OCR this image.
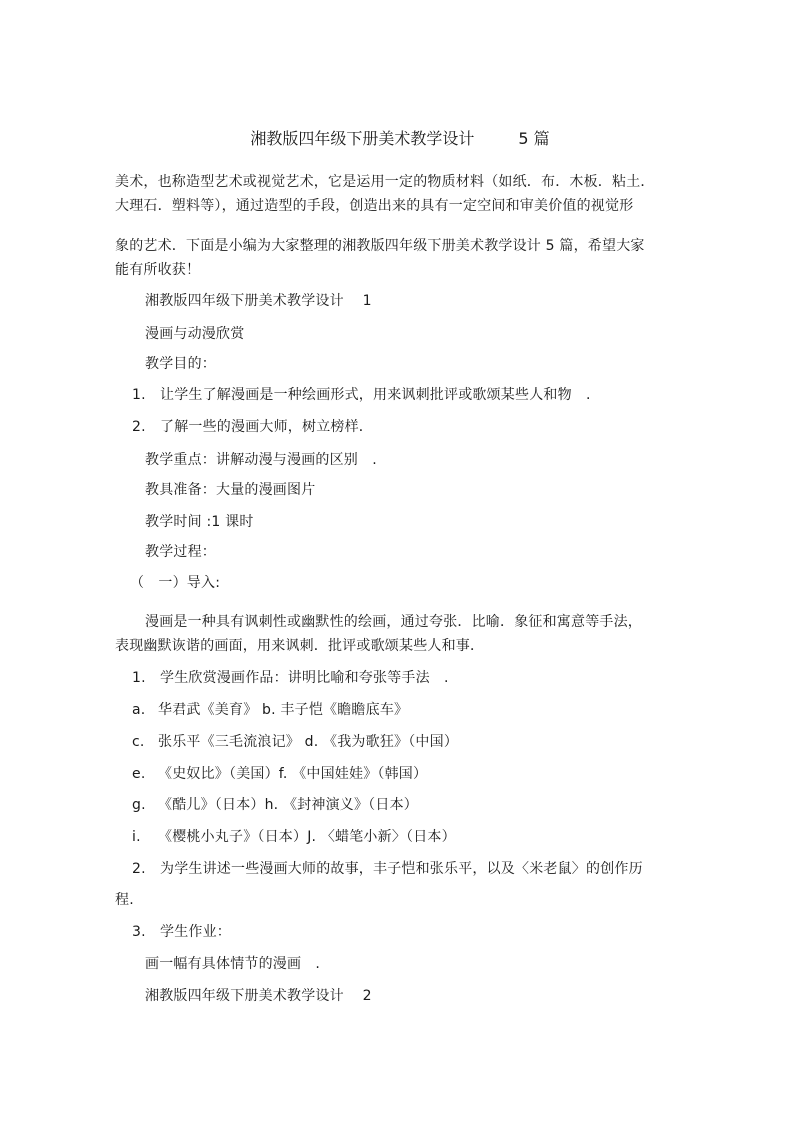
湘教版四年级下册美术教学设计	5 篇
美术，也称造型艺术或视觉艺术，它是运用一定的物质材料（如纸．布．木板．粘土．
大理石．塑料等），通过造型的手段，创造出来的具有一定空间和审美价值的视觉形
象的艺术．下面是小编为大家整理的湘教版四年级下册美术教学设计 5 篇，希望大家
能有所收获！
湘教版四年级下册美术教学设计　 1
漫画与动漫欣赏
教学目的：
1. 让学生了解漫画是一种绘画形式，用来讽刺批评或歌颂某些人和物　.
2. 了解一些的漫画大师，树立榜样．
教学重点：讲解动漫与漫画的区别　.
教具准备：大量的漫画图片
教学时间 :1 课时
教学过程：
（　一）导入:
漫画是一种具有讽刺性或幽默性的绘画，通过夸张．比喻．象征和寓意等手法，
表现幽默诙谐的画面，用来讽刺．批评或歌颂某些人和事．
1. 学生欣赏漫画作品：讲明比喻和夸张等手法　.
a. 华君武《美育》 b. 丰子恺《瞻瞻底车》
c. 张乐平《三毛流浪记》 d. 《我为歌狂》（中国）
e. 《史奴比》（美国）f. 《中国娃娃》（韩国）
g. 《酷儿》（日本）h. 《封神演义》（日本）
i. 《樱桃小丸子》（日本）J. 〈蜡笔小新〉（日本）
2. 为学生讲述一些漫画大师的故事，丰子恺和张乐平，以及〈米老鼠〉的创作历
程.
3. 学生作业：
画一幅有具体情节的漫画　.
湘教版四年级下册美术教学设计　 2
